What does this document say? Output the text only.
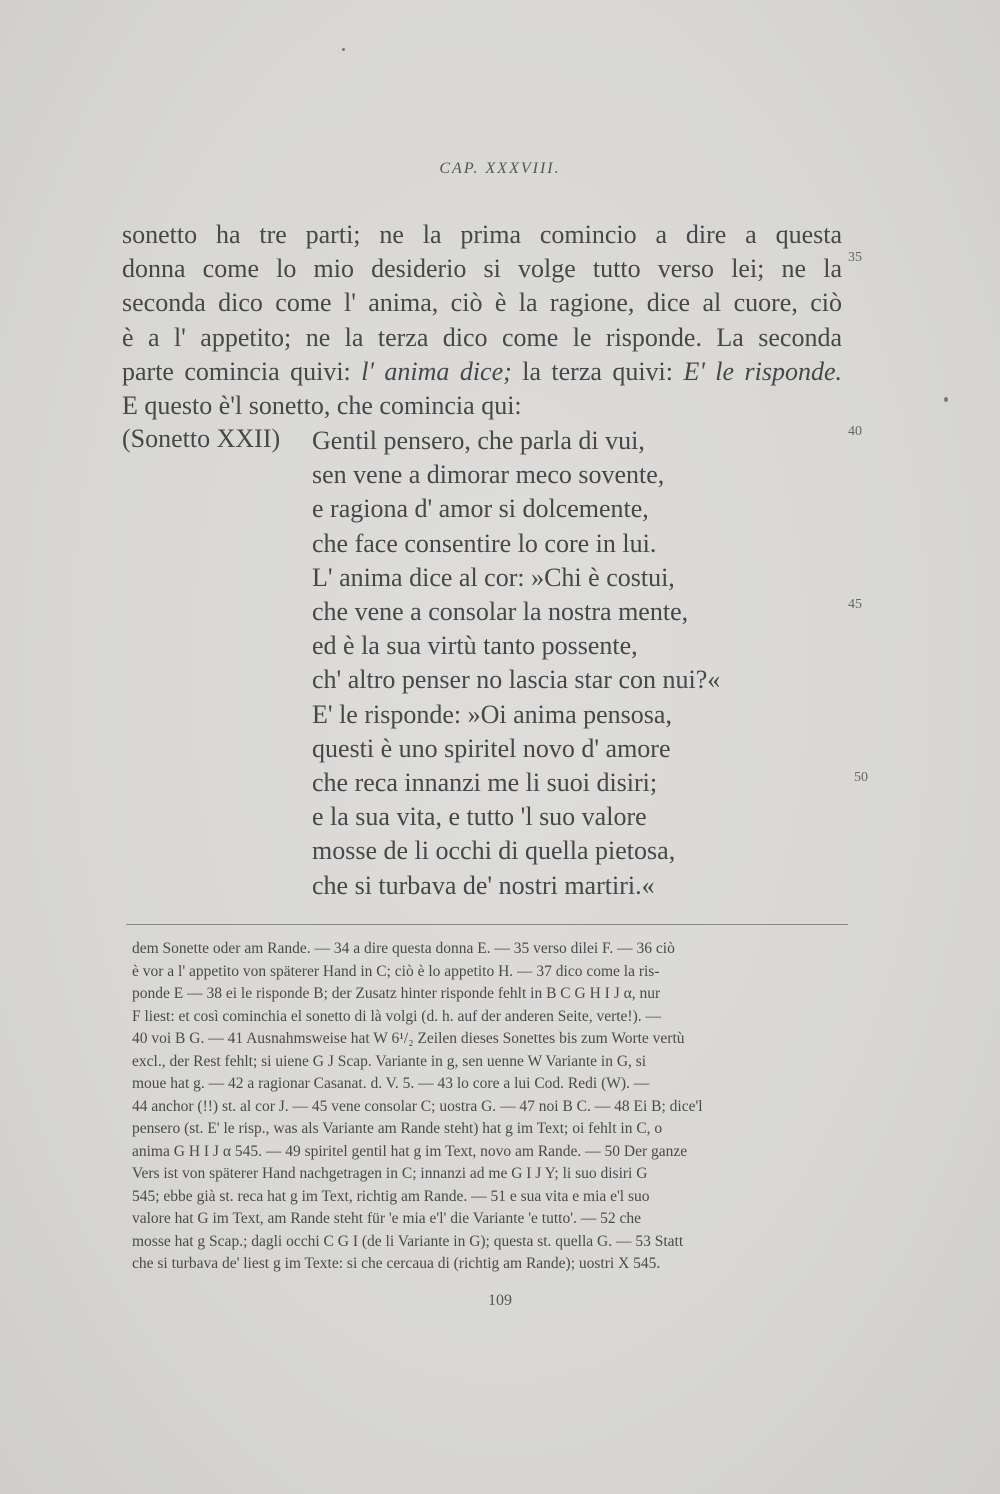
CAP. XXXVIII.
sonetto ha tre parti; ne la prima comincio a dire a questa
donna come lo mio desiderio si volge tutto verso lei; ne la
seconda dico come l' anima, ciò è la ragione, dice al cuore, ciò
è a l' appetito; ne la terza dico come le risponde. La seconda
parte comincia quivi: l' anima dice; la terza quivi: E' le risponde.
E questo è'l sonetto, che comincia qui:
35
40
45
50
(Sonetto XXII) Gentil pensero, che parla di vui,
sen vene a dimorar meco sovente,
e ragiona d' amor si dolcemente,
che face consentire lo core in lui.
L' anima dice al cor: »Chi è costui,
che vene a consolar la nostra mente,
ed è la sua virtù tanto possente,
ch' altro penser no lascia star con nui?«
E' le risponde: »Oi anima pensosa,
questi è uno spiritel novo d' amore
che reca innanzi me li suoi disiri;
e la sua vita, e tutto 'l suo valore
mosse de li occhi di quella pietosa,
che si turbava de' nostri martiri.«
dem Sonette oder am Rande. — 34 a dire questa donna E. — 35 verso dilei F. — 36 ciò
è vor a l' appetito von späterer Hand in C; ciò è lo appetito H. — 37 dico come la ris-
ponde E — 38 ei le risponde B; der Zusatz hinter risponde fehlt in B C G H I J α, nur
F liest: et così cominchia el sonetto di là volgi (d. h. auf der anderen Seite, verte!). —
40 voi B G. — 41 Ausnahmsweise hat W 6¹/₂ Zeilen dieses Sonettes bis zum Worte vertù
excl., der Rest fehlt; si uiene G J Scap. Variante in g, sen uenne W Variante in G, si
moue hat g. — 42 a ragionar Casanat. d. V. 5. — 43 lo core a lui Cod. Redi (W). —
44 anchor (!!) st. al cor J. — 45 vene consolar C; uostra G. — 47 noi B C. — 48 Ei B; dice'l
pensero (st. E' le risp., was als Variante am Rande steht) hat g im Text; oi fehlt in C, o
anima G H I J α 545. — 49 spiritel gentil hat g im Text, novo am Rande. — 50 Der ganze
Vers ist von späterer Hand nachgetragen in C; innanzi ad me G I J Y; li suo disiri G
545; ebbe già st. reca hat g im Text, richtig am Rande. — 51 e sua vita e mia e'l suo
valore hat G im Text, am Rande steht für 'e mia e'l' die Variante 'e tutto'. — 52 che
mosse hat g Scap.; dagli occhi C G I (de li Variante in G); questa st. quella G. — 53 Statt
che si turbava de' liest g im Texte: si che cercaua di (richtig am Rande); uostri X 545.
109
